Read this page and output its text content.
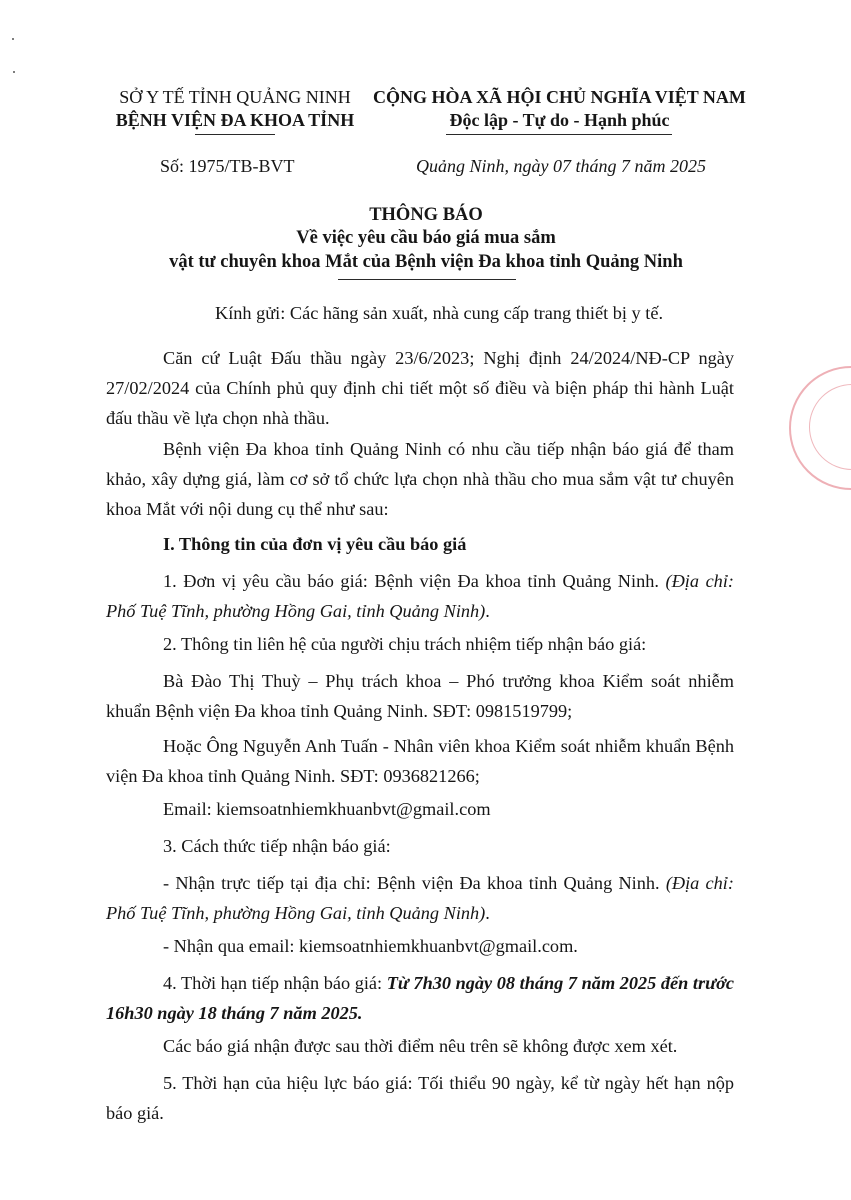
SỞ Y TẾ TỈNH QUẢNG NINH
BỆNH VIỆN ĐA KHOA TỈNH
CỘNG HÒA XÃ HỘI CHỦ NGHĨA VIỆT NAM
Độc lập - Tự do - Hạnh phúc
Số: 1975/TB-BVT	Quảng Ninh, ngày 07 tháng 7 năm 2025
THÔNG BÁO
Về việc yêu cầu báo giá mua sắm
vật tư chuyên khoa Mắt của Bệnh viện Đa khoa tỉnh Quảng Ninh
Kính gửi: Các hãng sản xuất, nhà cung cấp trang thiết bị y tế.
Căn cứ Luật Đấu thầu ngày 23/6/2023; Nghị định 24/2024/NĐ-CP ngày 27/02/2024 của Chính phủ quy định chi tiết một số điều và biện pháp thi hành Luật đấu thầu về lựa chọn nhà thầu.
Bệnh viện Đa khoa tỉnh Quảng Ninh có nhu cầu tiếp nhận báo giá để tham khảo, xây dựng giá, làm cơ sở tổ chức lựa chọn nhà thầu cho mua sắm vật tư chuyên khoa Mắt với nội dung cụ thể như sau:
I. Thông tin của đơn vị yêu cầu báo giá
1. Đơn vị yêu cầu báo giá: Bệnh viện Đa khoa tỉnh Quảng Ninh. (Địa chỉ: Phố Tuệ Tĩnh, phường Hồng Gai, tỉnh Quảng Ninh).
2. Thông tin liên hệ của người chịu trách nhiệm tiếp nhận báo giá:
Bà Đào Thị Thuỳ – Phụ trách khoa – Phó trưởng khoa Kiểm soát nhiễm khuẩn Bệnh viện Đa khoa tỉnh Quảng Ninh. SĐT: 0981519799;
Hoặc Ông Nguyễn Anh Tuấn - Nhân viên khoa Kiểm soát nhiễm khuẩn Bệnh viện Đa khoa tỉnh Quảng Ninh. SĐT: 0936821266;
Email: kiemsoatnhiemkhuanbvt@gmail.com
3. Cách thức tiếp nhận báo giá:
- Nhận trực tiếp tại địa chỉ: Bệnh viện Đa khoa tỉnh Quảng Ninh. (Địa chỉ: Phố Tuệ Tĩnh, phường Hồng Gai, tỉnh Quảng Ninh).
- Nhận qua email: kiemsoatnhiemkhuanbvt@gmail.com.
4. Thời hạn tiếp nhận báo giá: Từ 7h30 ngày 08 tháng 7 năm 2025 đến trước 16h30 ngày 18 tháng 7 năm 2025.
Các báo giá nhận được sau thời điểm nêu trên sẽ không được xem xét.
5. Thời hạn của hiệu lực báo giá: Tối thiểu 90 ngày, kể từ ngày hết hạn nộp báo giá.
